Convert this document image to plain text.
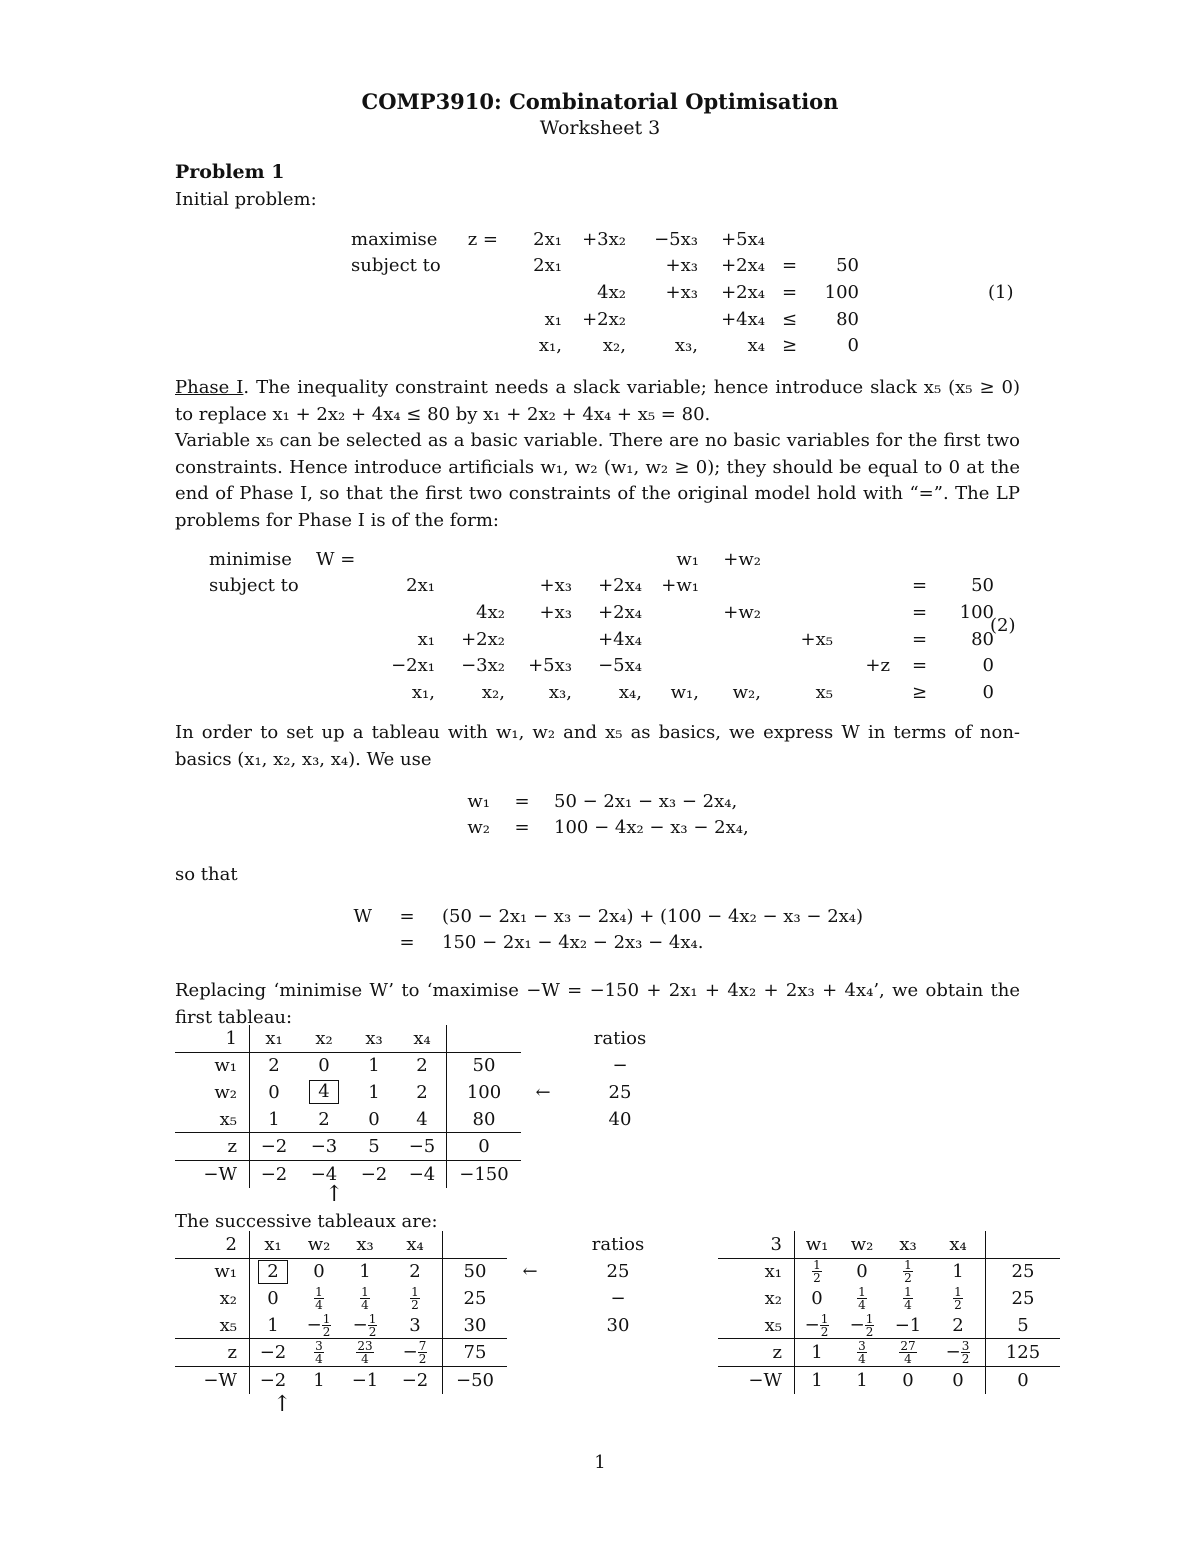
COMP3910: Combinatorial Optimisation
Worksheet 3
Problem 1
Initial problem:
maximise	z =	2x₁	+3x₂	−5x₃	+5x₄		
subject to		2x₁		+x₃	+2x₄	=	50
			4x₂	+x₃	+2x₄	=	100
		x₁	+2x₂		+4x₄	≤	80
		x₁,	x₂,	x₃,	x₄	≥	0
(1)
Phase I. The inequality constraint needs a slack variable; hence introduce slack x₅ (x₅ ≥ 0) to replace x₁ + 2x₂ + 4x₄ ≤ 80 by x₁ + 2x₂ + 4x₄ + x₅ = 80.
Variable x₅ can be selected as a basic variable. There are no basic variables for the first two constraints. Hence introduce artificials w₁, w₂ (w₁, w₂ ≥ 0); they should be equal to 0 at the end of Phase I, so that the first two constraints of the original model hold with “=”. The LP problems for Phase I is of the form:
minimise	W =					w₁	+w₂				
subject to		2x₁		+x₃	+2x₄	+w₁				=	50
			4x₂	+x₃	+2x₄		+w₂			=	100
		x₁	+2x₂		+4x₄			+x₅		=	80
		−2x₁	−3x₂	+5x₃	−5x₄				+z	=	0
		x₁,	x₂,	x₃,	x₄,	w₁,	w₂,	x₅		≥	0
(2)
In order to set up a tableau with w₁, w₂ and x₅ as basics, we express W in terms of non-basics (x₁, x₂, x₃, x₄). We use
w₁	=	50 − 2x₁ − x₃ − 2x₄,
w₂	=	100 − 4x₂ − x₃ − 2x₄,
so that
W	=	(50 − 2x₁ − x₃ − 2x₄) + (100 − 4x₂ − x₃ − 2x₄)
	=	150 − 2x₁ − 4x₂ − 2x₃ − 4x₄.
Replacing ‘minimise W’ to ‘maximise −W = −150 + 2x₁ + 4x₂ + 2x₃ + 4x₄’, we obtain the first tableau:
1	x₁	x₂	x₃	x₄			ratios
w₁	2	0	1	2	50		−
w₂	0	4	1	2	100	←	25
x₅	1	2	0	4	80		40
z	−2	−3	5	−5	0		
−W	−2	−4	−2	−4	−150		
↑
The successive tableaux are:
2	x₁	w₂	x₃	x₄			ratios
w₁	2	0	1	2	50	←	25
x₂	0	$\frac{1}{4}$	$\frac{1}{4}$	$\frac{1}{2}$	25		−
x₅	1	− $\frac{1}{2}$	− $\frac{1}{2}$	3	30		30
z	−2	$\frac{3}{4}$	$\frac{23}{4}$	− $\frac{7}{2}$	75		
−W	−2	1	−1	−2	−50		
↑
3	w₁	w₂	x₃	x₄	
x₁	$\frac{1}{2}$	0	$\frac{1}{2}$	1	25
x₂	0	$\frac{1}{4}$	$\frac{1}{4}$	$\frac{1}{2}$	25
x₅	− $\frac{1}{2}$	− $\frac{1}{2}$	−1	2	5
z	1	$\frac{3}{4}$	$\frac{27}{4}$	− $\frac{3}{2}$	125
−W	1	1	0	0	0
1
